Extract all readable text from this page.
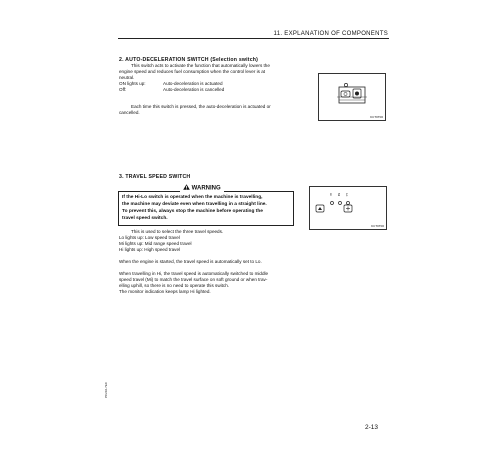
11. EXPLANATION OF COMPONENTS
2. AUTO-DECELERATION SWITCH (Selection switch)
This switch acts to activate the function that automatically lowers the
engine speed and reduces fuel consumption when the control lever is at
neutral.
ON lights up:	Auto-deceleration is actuated
Off:	Auto-deceleration is cancelled
Each time this switch is pressed, the auto-deceleration is actuated or
cancelled.
KCT0T00
3. TRAVEL SPEED SWITCH
WARNING
If the Hi-Lo switch is operated when the machine is travelling,
the machine may deviate even when travelling in a straight line.
To prevent this, always stop the machine before operating the
travel speed switch.
This is used to select the three travel speeds.
Lo lights up: Low speed travel
Mi lights up: Mid range speed travel
Hi lights up: High speed travel
When the engine is started, the travel speed is automatically set to Lo.
When travelling in Hi, the travel speed is automatically switched to middle
speed travel (Mi) to match the travel surface on soft ground or when trav-
elling uphill, so there is no need to operate this switch.
The monitor indication keeps lamp Hi lighted.
Hi Mi Lo
KCT0T00
PC210-7E0
2-13
